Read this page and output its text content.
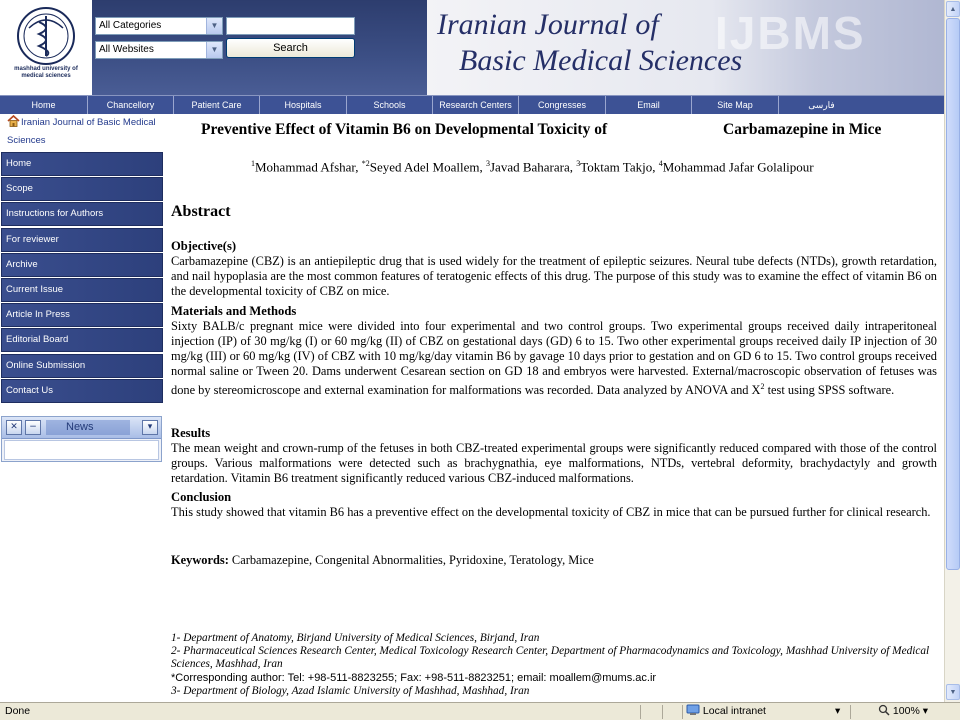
mashhad university of medical sciences
All Categories	▼
All Websites	▼	Search	IJBMS
Iranian Journal of
Basic Medical Sciences
Home	Chancellory	Patient Care	Hospitals	Schools	Research Centers	Congresses	Email	Site Map	فارسی
Iranian Journal of Basic Medical Sciences
Home
Scope
Instructions for Authors
For reviewer
Archive
Current Issue
Article In Press
Editorial Board
Online Submission
Contact Us
✕	−	News	▾
Preventive Effect of Vitamin B6 on Developmental Toxicity of	Carbamazepine in Mice
$^1$Mohammad Afshar, $^{*2}$Seyed Adel Moallem, $^3$Javad Baharara, $^3$Toktam Takjo, $^4$Mohammad Jafar Golalipour
Abstract
Objective(s)
Carbamazepine (CBZ) is an antiepileptic drug that is used widely for the treatment of epileptic seizures. Neural tube defects (NTDs), growth retardation, and nail hypoplasia are the most common features of teratogenic effects of this drug. The purpose of this study was to examine the effect of vitamin B6 on the developmental toxicity of CBZ on mice.
Materials and Methods
Sixty BALB/c pregnant mice were divided into four experimental and two control groups. Two experimental groups received daily intraperitoneal injection (IP) of 30 mg/kg (I) or 60 mg/kg (II) of CBZ on gestational days (GD) 6 to 15. Two other experimental groups received daily IP injection of 30 mg/kg (III) or 60 mg/kg (IV) of CBZ with 10 mg/kg/day vitamin B6 by gavage 10 days prior to gestation and on GD 6 to 15. Two control groups received normal saline or Tween 20. Dams underwent Cesarean section on GD 18 and embryos were harvested. External/macroscopic observation of fetuses was done by stereomicroscope and external examination for malformations was recorded. Data analyzed by ANOVA and $X^2$ test using SPSS software.
Results
The mean weight and crown-rump of the fetuses in both CBZ-treated experimental groups were significantly reduced compared with those of the control groups. Various malformations were detected such as brachygnathia, eye malformations, NTDs, vertebral deformity, brachydactyly and growth retardation. Vitamin B6 treatment significantly reduced various CBZ-induced malformations.
Conclusion
This study showed that vitamin B6 has a preventive effect on the developmental toxicity of CBZ in mice that can be pursued further for clinical research.
Keywords: Carbamazepine, Congenital Abnormalities, Pyridoxine, Teratology, Mice
1- Department of Anatomy, Birjand University of Medical Sciences, Birjand, Iran
2- Pharmaceutical Sciences Research Center, Medical Toxicology Research Center, Department of Pharmacodynamics and Toxicology, Mashhad University of Medical Sciences, Mashhad, Iran
*Corresponding author: Tel: +98-511-8823255; Fax: +98-511-8823251; email: moallem@mums.ac.ir
3- Department of Biology, Azad Islamic University of Mashhad, Mashhad, Iran
▲
▼
Done	Local intranet	▾	100% ▾
